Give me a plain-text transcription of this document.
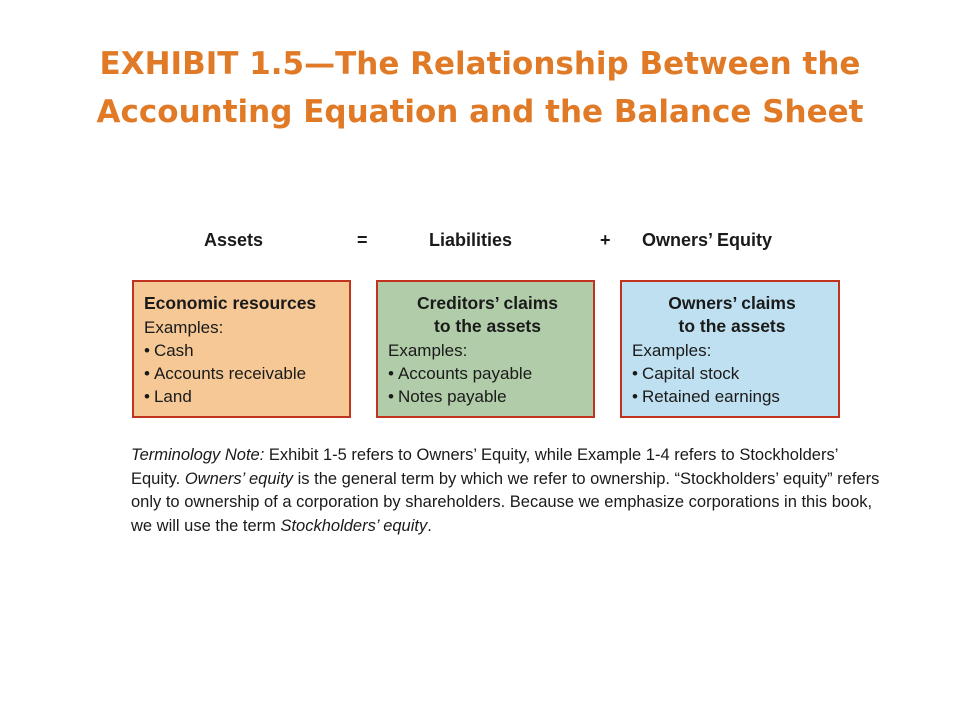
EXHIBIT 1.5—The Relationship Between the
Accounting Equation and the Balance Sheet
Assets	=	Liabilities	+ Owners’ Equity
Economic resources
Examples:
• Cash
• Accounts receivable
• Land
Creditors’ claims
to the assets
Examples:
• Accounts payable
• Notes payable
Owners’ claims
to the assets
Examples:
• Capital stock
• Retained earnings
Terminology Note: Exhibit 1-5 refers to Owners’ Equity, while Example 1-4 refers to Stockholders’ Equity. Owners’ equity is the general term by which we refer to ownership. “Stockholders’ equity” refers only to ownership of a corporation by shareholders. Because we emphasize corporations in this book, we will use the term Stockholders’ equity.
